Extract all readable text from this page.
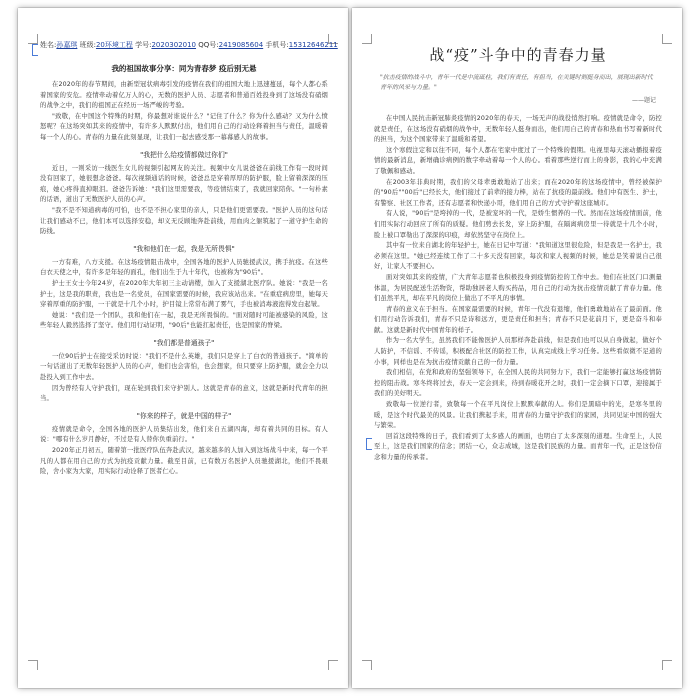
姓名:孙嘉琪 班级:20环境工程 学号:2020302010 QQ号:2419085604 手机号:15312646211
我的祖国故事分享：同为青春梦 疫后别无悬

在2020年的春节期间，由新型冠状病毒引发的疫情在我们的祖国大地上迅速蔓延，每个人都心系着国家的安危。疫情牵动着亿万人的心，无数的医护人员、志愿者和普通百姓投身到了这场没有硝烟的战争之中，我们的祖国正在经历一场严峻的考验。

"致敬，在中国这个特殊的时期，你最想对谁说什么？"记住了什么？你为什么感动？又为什么愤怒呢？在这场突如其来的疫情中，有许多人默默付出，他们用自己的行动诠释着担当与责任，温暖着每一个人的心。青春的力量在此刻显现，让我们一起去感受那一幕幕感人的故事。

"我把什么给疫情都做过你们"

近日，一则采访一线医生女儿的视频引起网友的关注。视频中女儿说爸爸在前线工作有一段时间没有回家了，她很想念爸爸。每次视频通话的时候，爸爸总是穿着厚厚的防护服，脸上留着深深的压痕，她心疼得直掉眼泪。爸爸告诉她："我们这里需要我，等疫情结束了，我就回家陪你。"一句朴素的话语，道出了无数医护人员的心声。

"我不是不知道病毒的可怕，也不是不担心家里的亲人，只是他们更需要我。"医护人员的这句话让我们感动不已，他们本可以选择安稳，却义无反顾地奔赴前线，用血肉之躯筑起了一道守护生命的防线。

"我和他们在一起，我是无所畏惧"

一方有难，八方支援。在这场疫情阻击战中，全国各地的医护人员驰援武汉，携手抗疫。在这些白衣天使之中，有许多是年轻的面孔，他们出生于九十年代，也被称为"90后"。

护士王女士今年24岁，在2020年大年初三主动请缨，加入了支援湖北医疗队。她说："我是一名护士，这是我的职责，我也是一名党员，在国家需要的时候，我应该站出来。"在重症病房里，她每天穿着厚重的防护服，一干就是十几个小时，护目镜上常常布满了雾气，手也被消毒液泡得发白起皱。

她说："我们是一个团队，我和他们在一起，我是无所畏惧的。"面对随时可能被感染的风险，这些年轻人毅然选择了坚守。他们用行动证明，"90后"也能扛起责任，也是国家的脊梁。

"我们都是普通孩子"

一位90后护士在接受采访时说："我们不是什么英雄，我们只是穿上了白衣的普通孩子。"简单的一句话道出了无数年轻医护人员的心声，他们也会害怕，也会想家，但只要穿上防护服，就会全力以赴投入到工作中去。

因为曾经有人守护我们，现在轮到我们来守护别人。这就是青春的意义，这就是新时代青年的担当。

"你来的样子，就是中国的样子"

疫情就是命令，全国各地的医护人员集结出发，他们来自五湖四海，却有着共同的目标。有人说："哪有什么岁月静好，不过是有人替你负重前行。"

2020年正月初五，随着第一批医疗队伍奔赴武汉，越来越多的人加入到这场战斗中来，每一个平凡的人都在用自己的方式为抗疫贡献力量。截至目前，已有数万名医护人员驰援湖北，他们不畏艰险，舍小家为大家，用实际行动诠释了医者仁心。

战“疫”斗争中的青春力量
"抗击疫情的战斗中，青年一代是中流砥柱，我们有责任，有担当，在关键时刻挺身而出，展现出新时代青年的风采与力量。"
——题记

在中国人民抗击新冠肺炎疫情的2020年的春天，一场无声的战役悄然打响。疫情就是命令，防控就是责任，在这场没有硝烟的战争中，无数年轻人挺身而出，他们用自己的青春和热血书写着新时代的担当，为这个国家带来了温暖和希望。

这个寒假注定和以往不同，每个人都在宅家中度过了一个特殊的假期。电视里每天滚动播报着疫情的最新消息，新增确诊病例的数字牵动着每一个人的心。看着那些逆行而上的身影，我的心中充满了敬佩和感动。

在2003年非典时期，我们的父母辈勇敢地站了出来；而在2020年的这场疫情中，曾经被保护的"90后""00后"已经长大，他们接过了前辈的接力棒，站在了抗疫的最前线。他们中有医生、护士，有警察、社区工作者，还有志愿者和快递小哥，他们用自己的方式守护着这座城市。

有人说，"90后"是垮掉的一代，是被宠坏的一代，是娇生惯养的一代。然而在这场疫情面前，他们用实际行动回应了所有的质疑。他们剪去长发，穿上防护服，在隔离病房里一待就是十几个小时，脸上被口罩勒出了深深的印痕，却依然坚守在岗位上。

其中有一位来自湖北的年轻护士，她在日记中写道："我知道这里很危险，但是我是一名护士，我必须在这里。"她已经连续工作了二十多天没有回家，每次和家人视频的时候，她总是笑着说自己很好，让家人不要担心。

面对突如其来的疫情，广大青年志愿者也积极投身到疫情防控的工作中去。他们在社区门口测量体温，为居民配送生活物资，帮助独居老人购买药品，用自己的行动为抗击疫情贡献了青春力量。他们虽然平凡，却在平凡的岗位上做出了不平凡的事情。

青春的意义在于担当。在国家最需要的时候，青年一代没有退缩，他们勇敢地站在了最前面。他们用行动告诉我们，青春不只是诗和远方，更是责任和担当；青春不只是花前月下，更是奋斗和奉献。这就是新时代中国青年的样子。

作为一名大学生，虽然我们不能像医护人员那样奔赴前线，但是我们也可以从自身做起，做好个人防护，不信谣、不传谣，积极配合社区的防控工作，认真完成线上学习任务。这些看似微不足道的小事，同样也是在为抗击疫情贡献自己的一份力量。

我们相信，在党和政府的坚强领导下，在全国人民的共同努力下，我们一定能够打赢这场疫情防控的阻击战。寒冬终将过去，春天一定会到来，待到春暖花开之时，我们一定会摘下口罩，迎接属于我们的美好明天。

致敬每一位逆行者，致敬每一个在平凡岗位上默默奉献的人。你们是黑暗中的光，是寒冬里的暖，是这个时代最美的风景。让我们携起手来，用青春的力量守护我们的家园，共同见证中国的强大与繁荣。

回首这段特殊的日子，我们看到了太多感人的画面，也明白了太多深刻的道理。生命至上，人民至上，这是我们国家的信念；团结一心，众志成城，这是我们民族的力量。而青年一代，正是这份信念和力量的传承者。
